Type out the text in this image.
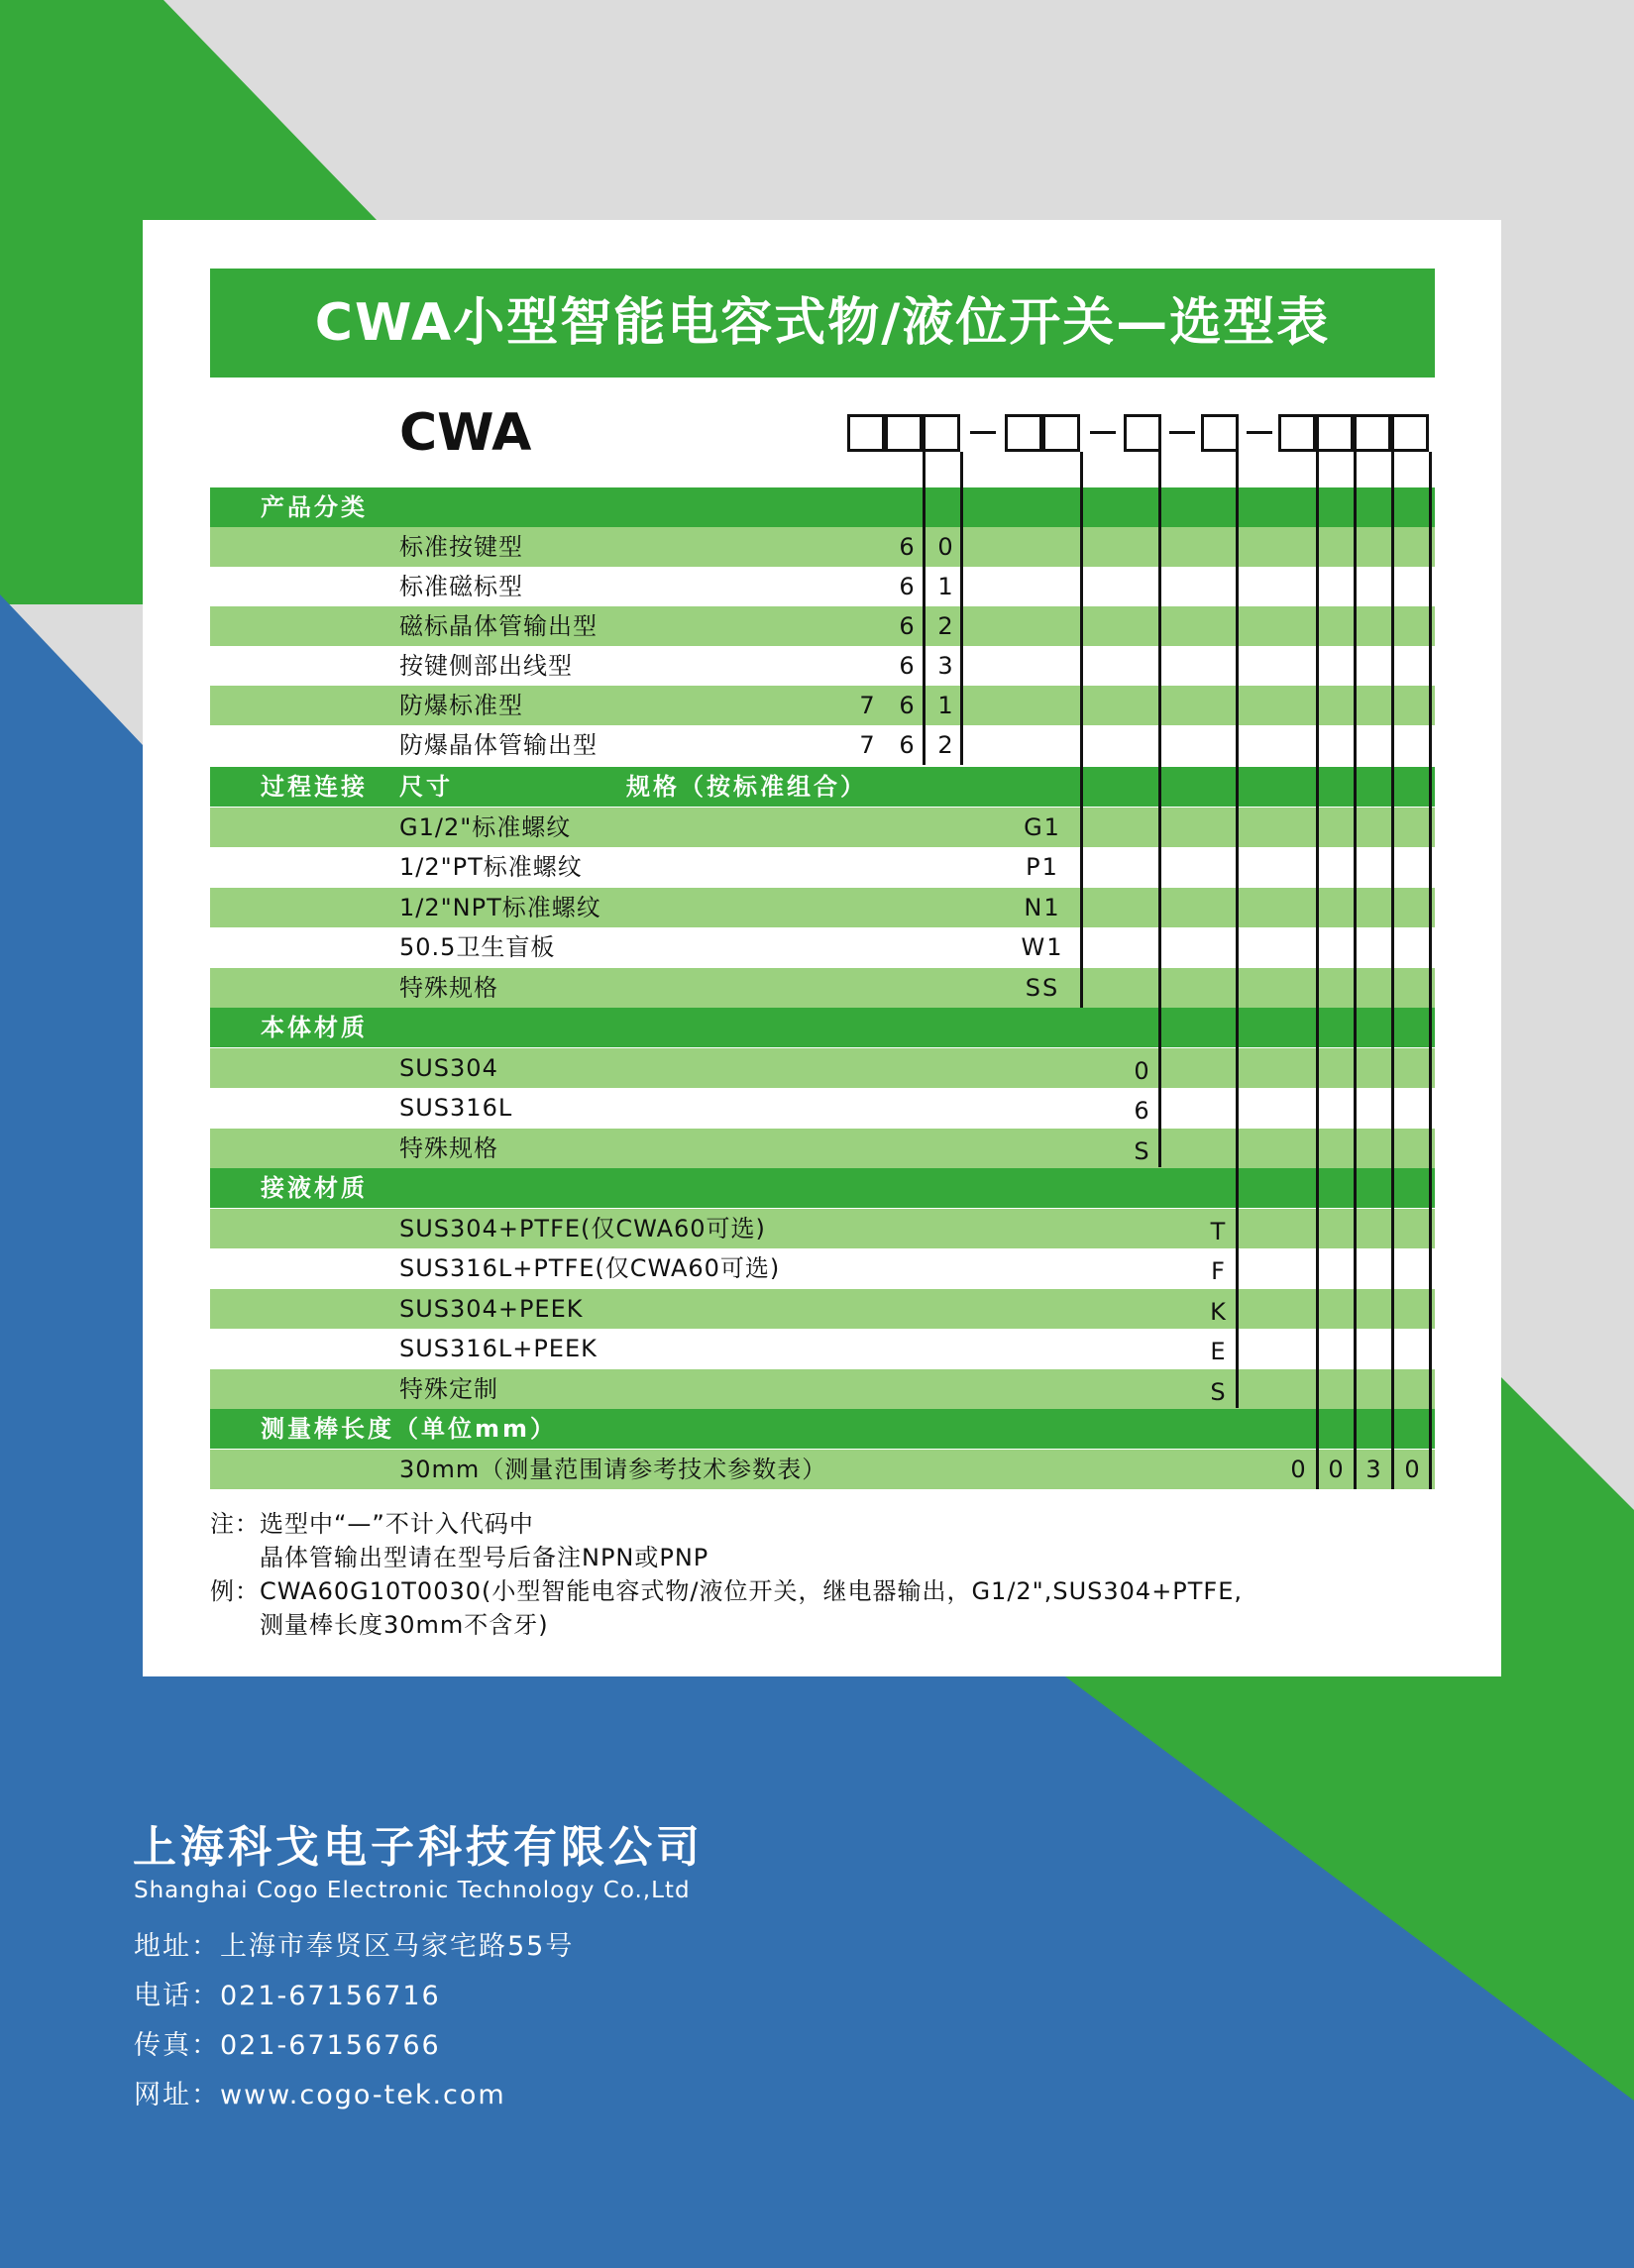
CWA小型智能电容式物/液位开关—选型表
CWA
产品分类
标准按键型	6 0
标准磁标型	6 1
磁标晶体管输出型	6 2
按键侧部出线型	6 3
防爆标准型	7	6 1
防爆晶体管输出型	7	6 2
过程连接 尺寸	规格（按标准组合）
G1/2"标准螺纹	G1
1/2"PT标准螺纹	P1
1/2"NPT标准螺纹	N1
50.5卫生盲板	W1
特殊规格	SS
本体材质
SUS304	0
SUS316L	6
特殊规格	S
接液材质
SUS304+PTFE(仅CWA60可选)	T
SUS316L+PTFE(仅CWA60可选)	F
SUS304+PEEK	K
SUS316L+PEEK	E
特殊定制	S
测量棒长度（单位mm）
30mm（测量范围请参考技术参数表）	0 0 3 0
注：选型中“—”不计入代码中
　　晶体管输出型请在型号后备注NPN或PNP
例：CWA60G10T0030(小型智能电容式物/液位开关，继电器输出，G1/2",SUS304+PTFE,
　　测量棒长度30mm不含牙)
上海科戈电子科技有限公司
Shanghai Cogo Electronic Technology Co.,Ltd
地址：上海市奉贤区马家宅路55号
电话：021-67156716
传真：021-67156766
网址：www.cogo-tek.com
